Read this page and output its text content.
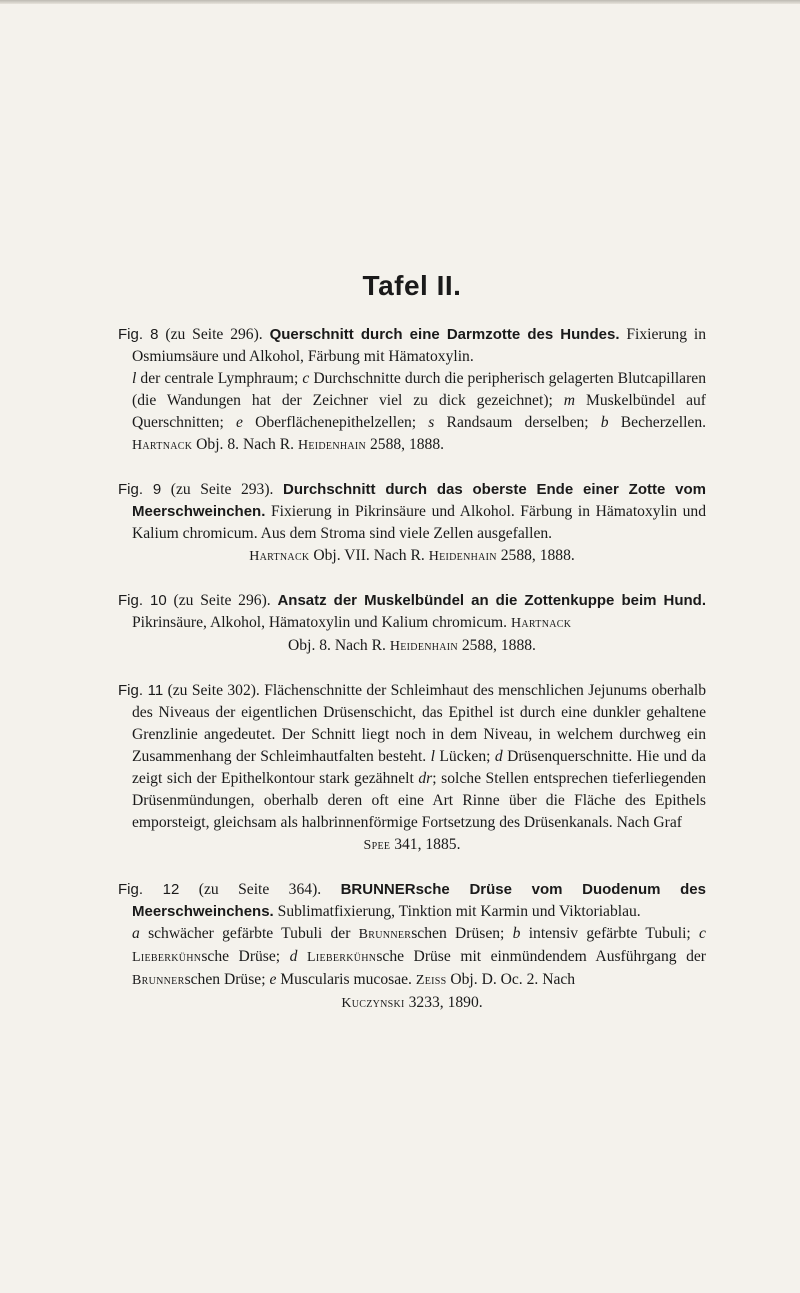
Tafel II.

Fig. 8 (zu Seite 296). Querschnitt durch eine Darmzotte des Hundes. Fixierung in Osmiumsäure und Alkohol, Färbung mit Hämatoxylin.
l der centrale Lymphraum; c Durchschnitte durch die peripherisch gelagerten Blutcapillaren (die Wandungen hat der Zeichner viel zu dick gezeichnet); m Muskelbündel auf Querschnitten; e Oberflächenepithelzellen; s Randsaum derselben; b Becherzellen. Hartnack Obj. 8. Nach R. Heidenhain 2588, 1888.

Fig. 9 (zu Seite 293). Durchschnitt durch das oberste Ende einer Zotte vom Meerschweinchen. Fixierung in Pikrinsäure und Alkohol. Färbung in Hämatoxylin und Kalium chromicum. Aus dem Stroma sind viele Zellen ausgefallen.
Hartnack Obj. VII. Nach R. Heidenhain 2588, 1888.

Fig. 10 (zu Seite 296). Ansatz der Muskelbündel an die Zottenkuppe beim Hund. Pikrinsäure, Alkohol, Hämatoxylin und Kalium chromicum. Hartnack
Obj. 8. Nach R. Heidenhain 2588, 1888.

Fig. 11 (zu Seite 302). Flächenschnitte der Schleimhaut des menschlichen Jejunums oberhalb des Niveaus der eigentlichen Drüsenschicht, das Epithel ist durch eine dunkler gehaltene Grenzlinie angedeutet. Der Schnitt liegt noch in dem Niveau, in welchem durchweg ein Zusammenhang der Schleimhautfalten besteht. l Lücken; d Drüsenquerschnitte. Hie und da zeigt sich der Epithelkontour stark gezähnelt dr; solche Stellen entsprechen tieferliegenden Drüsenmündungen, oberhalb deren oft eine Art Rinne über die Fläche des Epithels emporsteigt, gleichsam als halbrinnenförmige Fortsetzung des Drüsenkanals. Nach Graf
Spee 341, 1885.

Fig. 12 (zu Seite 364). BRUNNERsche Drüse vom Duodenum des Meerschweinchens. Sublimatfixierung, Tinktion mit Karmin und Viktoriablau.
a schwächer gefärbte Tubuli der Brunnerschen Drüsen; b intensiv gefärbte Tubuli; c Lieberkühnsche Drüse; d Lieberkühnsche Drüse mit einmündendem Ausführgang der Brunnerschen Drüse; e Muscularis mucosae. Zeiss Obj. D. Oc. 2. Nach
Kuczynski 3233, 1890.
